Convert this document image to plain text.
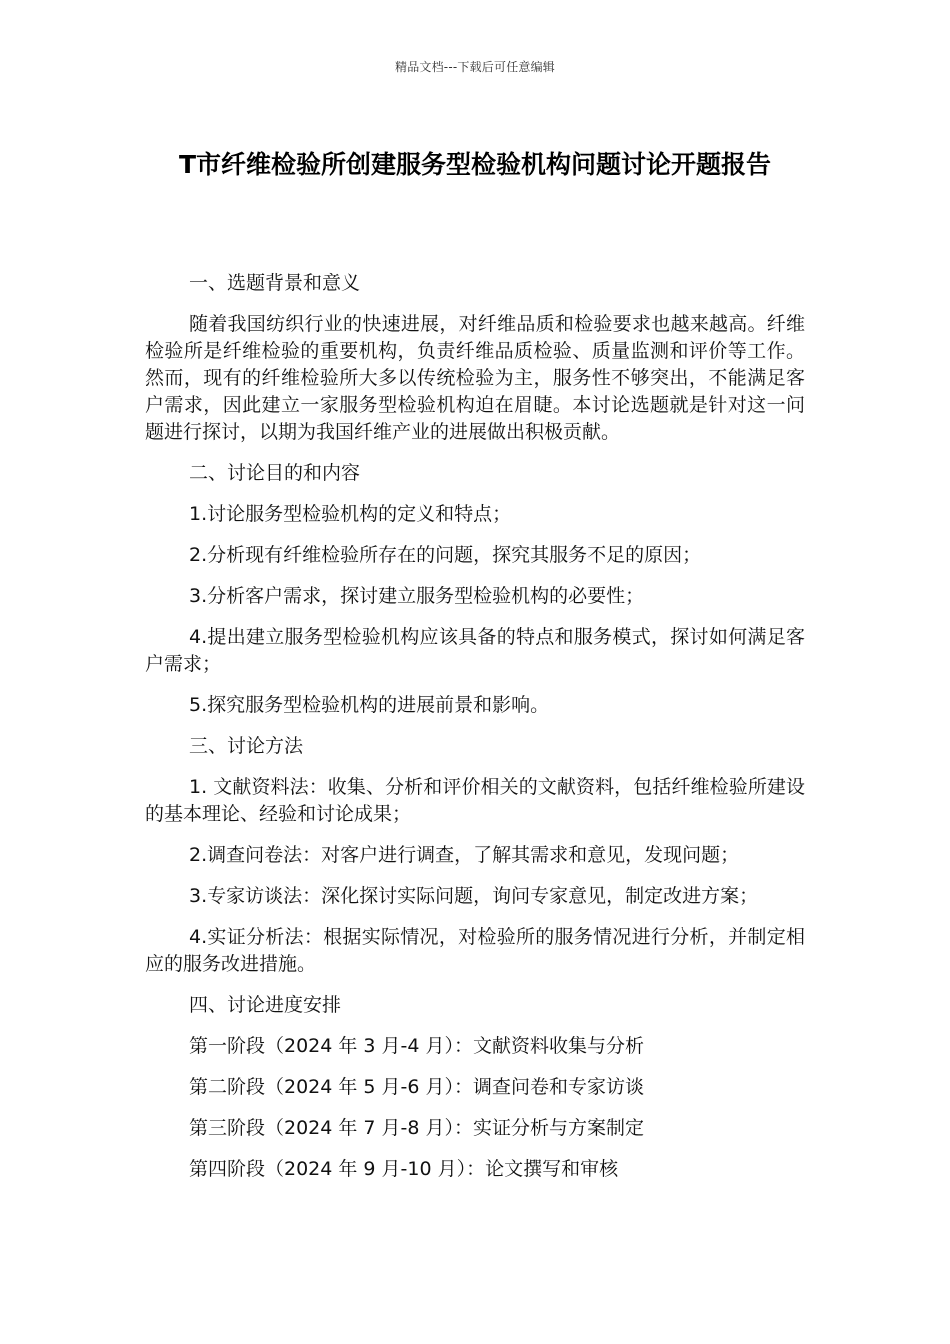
精品文档---下载后可任意编辑
T市纤维检验所创建服务型检验机构问题讨论开题报告

一、选题背景和意义

随着我国纺织行业的快速进展，对纤维品质和检验要求也越来越高。纤维检验所是纤维检验的重要机构，负责纤维品质检验、质量监测和评价等工作。然而，现有的纤维检验所大多以传统检验为主，服务性不够突出，不能满足客户需求，因此建立一家服务型检验机构迫在眉睫。本讨论选题就是针对这一问题进行探讨，以期为我国纤维产业的进展做出积极贡献。

二、讨论目的和内容

1.讨论服务型检验机构的定义和特点；

2.分析现有纤维检验所存在的问题，探究其服务不足的原因；

3.分析客户需求，探讨建立服务型检验机构的必要性；

4.提出建立服务型检验机构应该具备的特点和服务模式，探讨如何满足客户需求；

5.探究服务型检验机构的进展前景和影响。

三、讨论方法

1. 文献资料法：收集、分析和评价相关的文献资料，包括纤维检验所建设的基本理论、经验和讨论成果；

2.调查问卷法：对客户进行调查，了解其需求和意见，发现问题；

3.专家访谈法：深化探讨实际问题，询问专家意见，制定改进方案；

4.实证分析法：根据实际情况，对检验所的服务情况进行分析，并制定相应的服务改进措施。

四、讨论进度安排

第一阶段（2024 年 3 月-4 月）：文献资料收集与分析

第二阶段（2024 年 5 月-6 月）：调查问卷和专家访谈

第三阶段（2024 年 7 月-8 月）：实证分析与方案制定

第四阶段（2024 年 9 月-10 月）：论文撰写和审核
